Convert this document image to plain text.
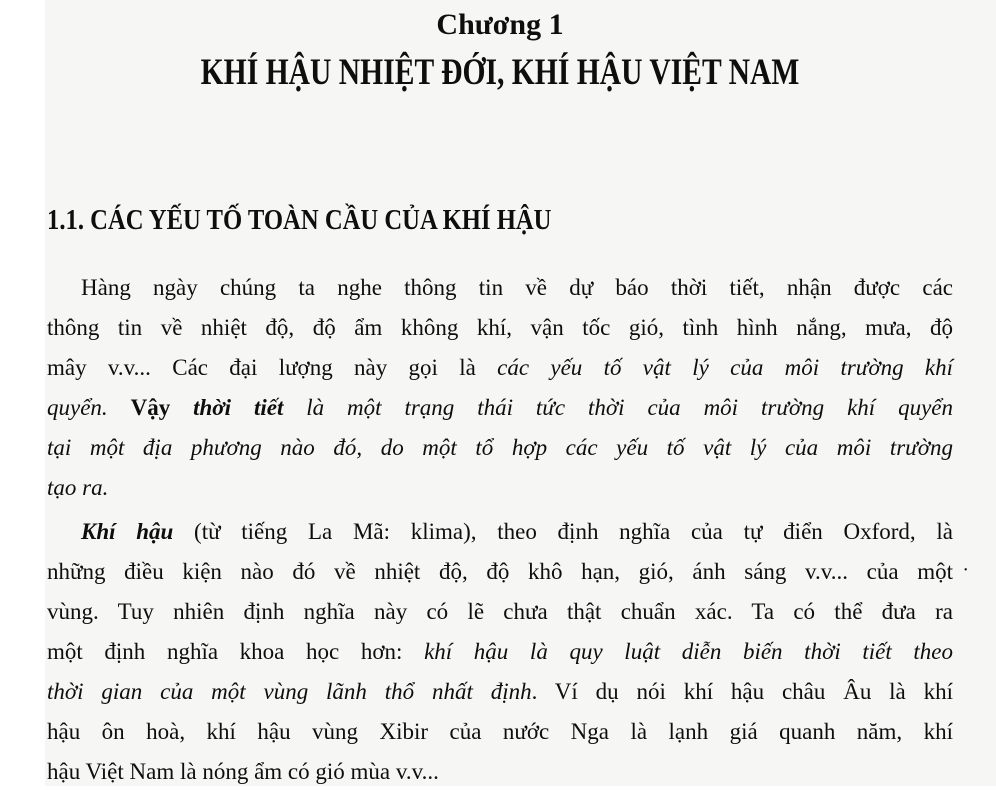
Chương 1
KHÍ HẬU NHIỆT ĐỚI, KHÍ HẬU VIỆT NAM
1.1. CÁC YẾU TỐ TOÀN CẦU CỦA KHÍ HẬU
Hàng ngày chúng ta nghe thông tin về dự báo thời tiết, nhận được các
thông tin về nhiệt độ, độ ẩm không khí, vận tốc gió, tình hình nắng, mưa, độ
mây v.v... Các đại lượng này gọi là các yếu tố vật lý của môi trường khí
quyển. Vậy thời tiết là một trạng thái tức thời của môi trường khí quyển
tại một địa phương nào đó, do một tổ hợp các yếu tố vật lý của môi trường
tạo ra.
Khí hậu (từ tiếng La Mã: klima), theo định nghĩa của tự điển Oxford, là
những điều kiện nào đó về nhiệt độ, độ khô hạn, gió, ánh sáng v.v... của một ·
vùng. Tuy nhiên định nghĩa này có lẽ chưa thật chuẩn xác. Ta có thể đưa ra
một định nghĩa khoa học hơn: khí hậu là quy luật diễn biến thời tiết theo
thời gian của một vùng lãnh thổ nhất định. Ví dụ nói khí hậu châu Âu là khí
hậu ôn hoà, khí hậu vùng Xibir của nước Nga là lạnh giá quanh năm, khí
hậu Việt Nam là nóng ẩm có gió mùa v.v...
